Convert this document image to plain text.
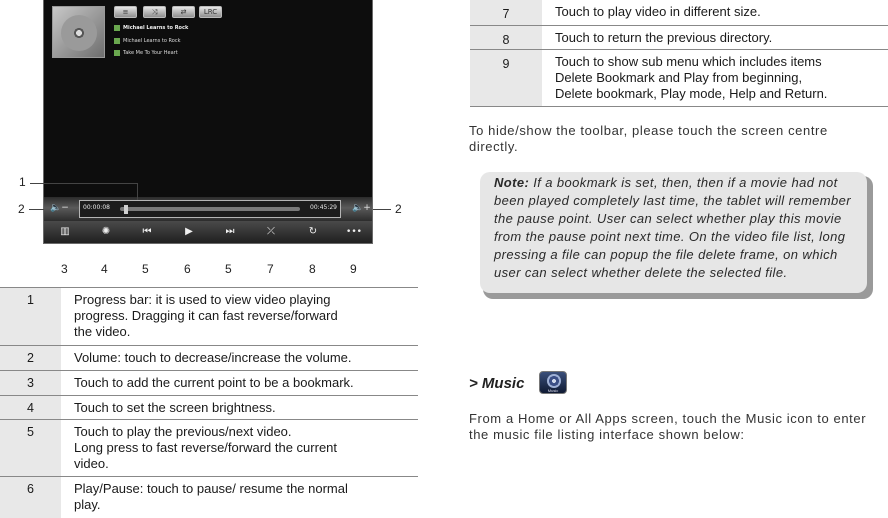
≡	⤨	⇄	LRC
Michael Learns to Rock
Michael Learns to Rock
Take Me To Your Heart
🔈− 00:00:08	00:45:29 🔈+
▥	✺	⏮	▶	⏭	⤫	↻	•••
1
2	2
3	4	5	6	5	7	8	9
1	Progress bar: it is used to view video playing
progress. Dragging it can fast reverse/forward
the video.
2	Volume: touch to decrease/increase the volume.
3	Touch to add the current point to be a bookmark.
4	Touch to set the screen brightness.
5	Touch to play the previous/next video.
Long press to fast reverse/forward the current
video.
6	Play/Pause: touch to pause/ resume the normal
play.
7	Touch to play video in different size.
8	Touch to return the previous directory.
9	Touch to show sub menu which includes items
Delete Bookmark and Play from beginning,
Delete bookmark, Play mode, Help and Return.
To hide/show the toolbar, please touch the screen centre directly.
Note: If a bookmark is set, then, then if a movie had not been played completely last time, the tablet will remember the pause point. User can select whether play this movie from the pause point next time. On the video file list, long pressing a file can popup the file delete frame, on which user can select whether delete the selected file.
> Music	Music
From a Home or All Apps screen, touch the Music icon to enter the music file listing interface shown below:
